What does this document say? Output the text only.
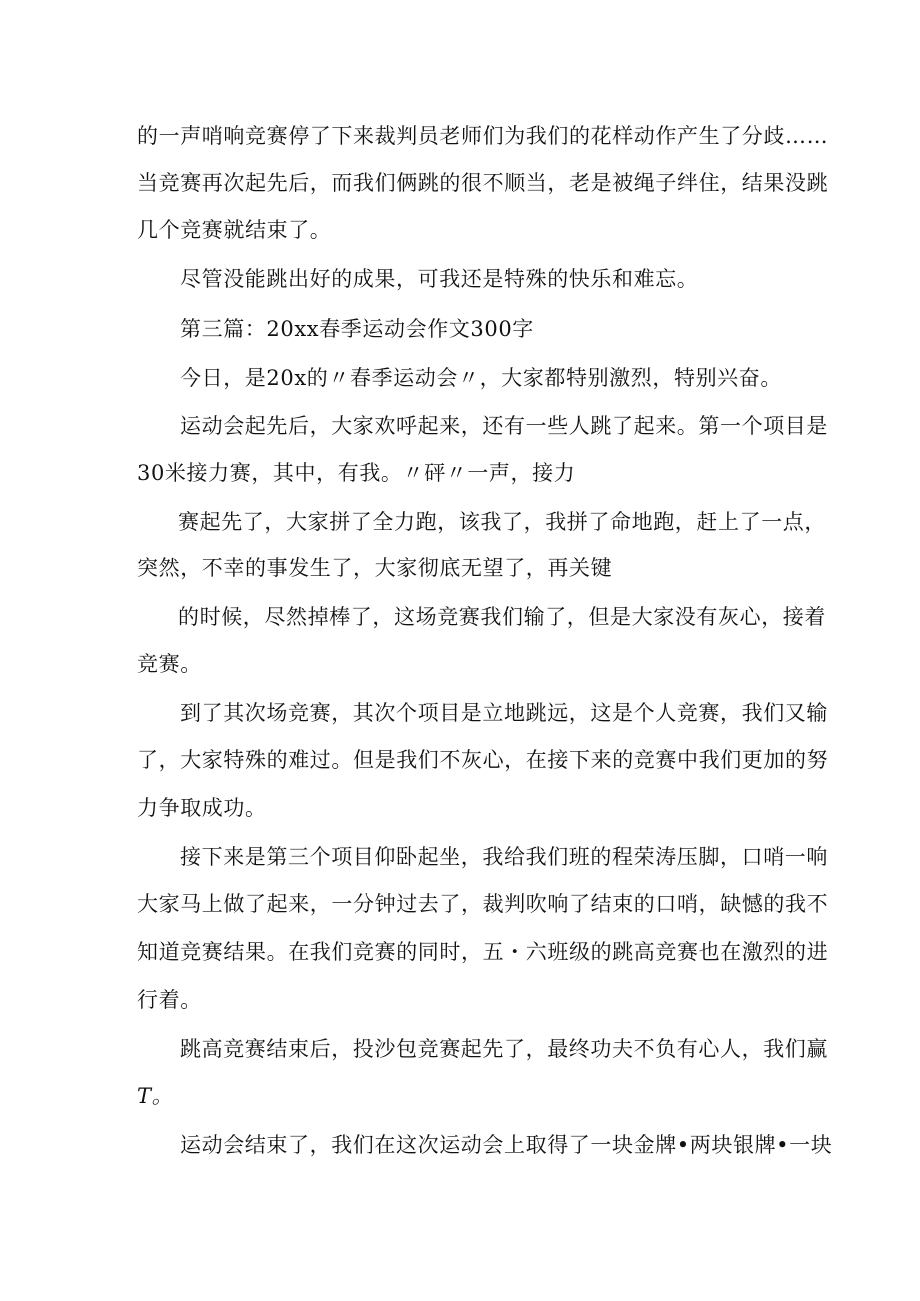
的一声哨响竞赛停了下来裁判员老师们为我们的花样动作产生了分歧……
当竞赛再次起先后，而我们俩跳的很不顺当，老是被绳子绊住，结果没跳
几个竞赛就结束了。
尽管没能跳出好的成果，可我还是特殊的快乐和难忘。
第三篇：20xx春季运动会作文300字
今日，是20x的〃春季运动会〃，大家都特别激烈，特别兴奋。
运动会起先后，大家欢呼起来，还有一些人跳了起来。第一个项目是
30米接力赛，其中，有我。〃砰〃一声，接力
赛起先了，大家拼了全力跑，该我了，我拼了命地跑，赶上了一点，
突然，不幸的事发生了，大家彻底无望了，再关键
的时候，尽然掉棒了，这场竞赛我们输了，但是大家没有灰心，接着
竞赛。
到了其次场竞赛，其次个项目是立地跳远，这是个人竞赛，我们又输
了，大家特殊的难过。但是我们不灰心，在接下来的竞赛中我们更加的努
力争取成功。
接下来是第三个项目仰卧起坐，我给我们班的程荣涛压脚，口哨一响
大家马上做了起来，一分钟过去了，裁判吹响了结束的口哨，缺憾的我不
知道竞赛结果。在我们竞赛的同时，五・六班级的跳高竞赛也在激烈的进
行着。
跳高竞赛结束后，投沙包竞赛起先了，最终功夫不负有心人，我们赢
T。
运动会结束了，我们在这次运动会上取得了一块金牌•两块银牌•一块
